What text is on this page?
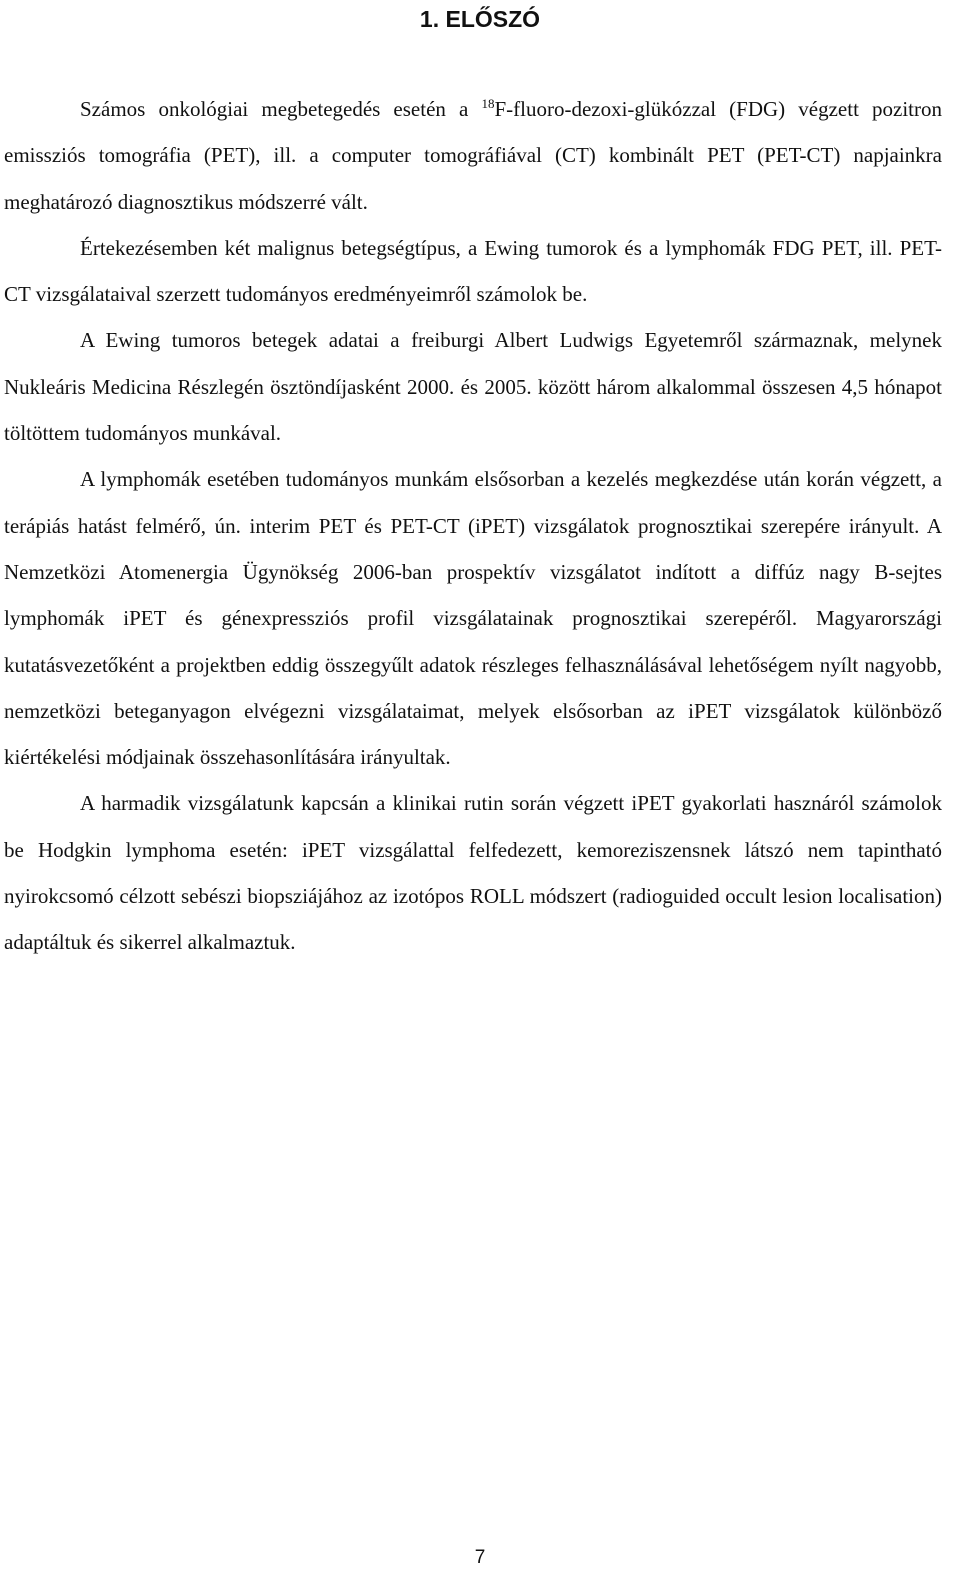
1. ELŐSZÓ

Számos onkológiai megbetegedés esetén a $^{18}$F-fluoro-dezoxi-glükózzal (FDG) végzett pozitron emissziós tomográfia (PET), ill. a computer tomográfiával (CT) kombinált PET (PET-CT) napjainkra meghatározó diagnosztikus módszerré vált.

Értekezésemben két malignus betegségtípus, a Ewing tumorok és a lymphomák FDG PET, ill. PET-CT vizsgálataival szerzett tudományos eredményeimről számolok be.

A Ewing tumoros betegek adatai a freiburgi Albert Ludwigs Egyetemről származnak, melynek Nukleáris Medicina Részlegén ösztöndíjasként 2000. és 2005. között három alkalommal összesen 4,5 hónapot töltöttem tudományos munkával.

A lymphomák esetében tudományos munkám elsősorban a kezelés megkezdése után korán végzett, a terápiás hatást felmérő, ún. interim PET és PET-CT (iPET) vizsgálatok prognosztikai szerepére irányult. A Nemzetközi Atomenergia Ügynökség 2006-ban prospektív vizsgálatot indított a diffúz nagy B-sejtes lymphomák iPET és génexpressziós profil vizsgálatainak prognosztikai szerepéről. Magyarországi kutatásvezetőként a projektben eddig összegyűlt adatok részleges felhasználásával lehetőségem nyílt nagyobb, nemzetközi beteganyagon elvégezni vizsgálataimat, melyek elsősorban az iPET vizsgálatok különböző kiértékelési módjainak összehasonlítására irányultak.

A harmadik vizsgálatunk kapcsán a klinikai rutin során végzett iPET gyakorlati hasznáról számolok be Hodgkin lymphoma esetén: iPET vizsgálattal felfedezett, kemoreziszensnek látszó nem tapintható nyirokcsomó célzott sebészi biopsziájához az izotópos ROLL módszert (radioguided occult lesion localisation) adaptáltuk és sikerrel alkalmaztuk.

7
